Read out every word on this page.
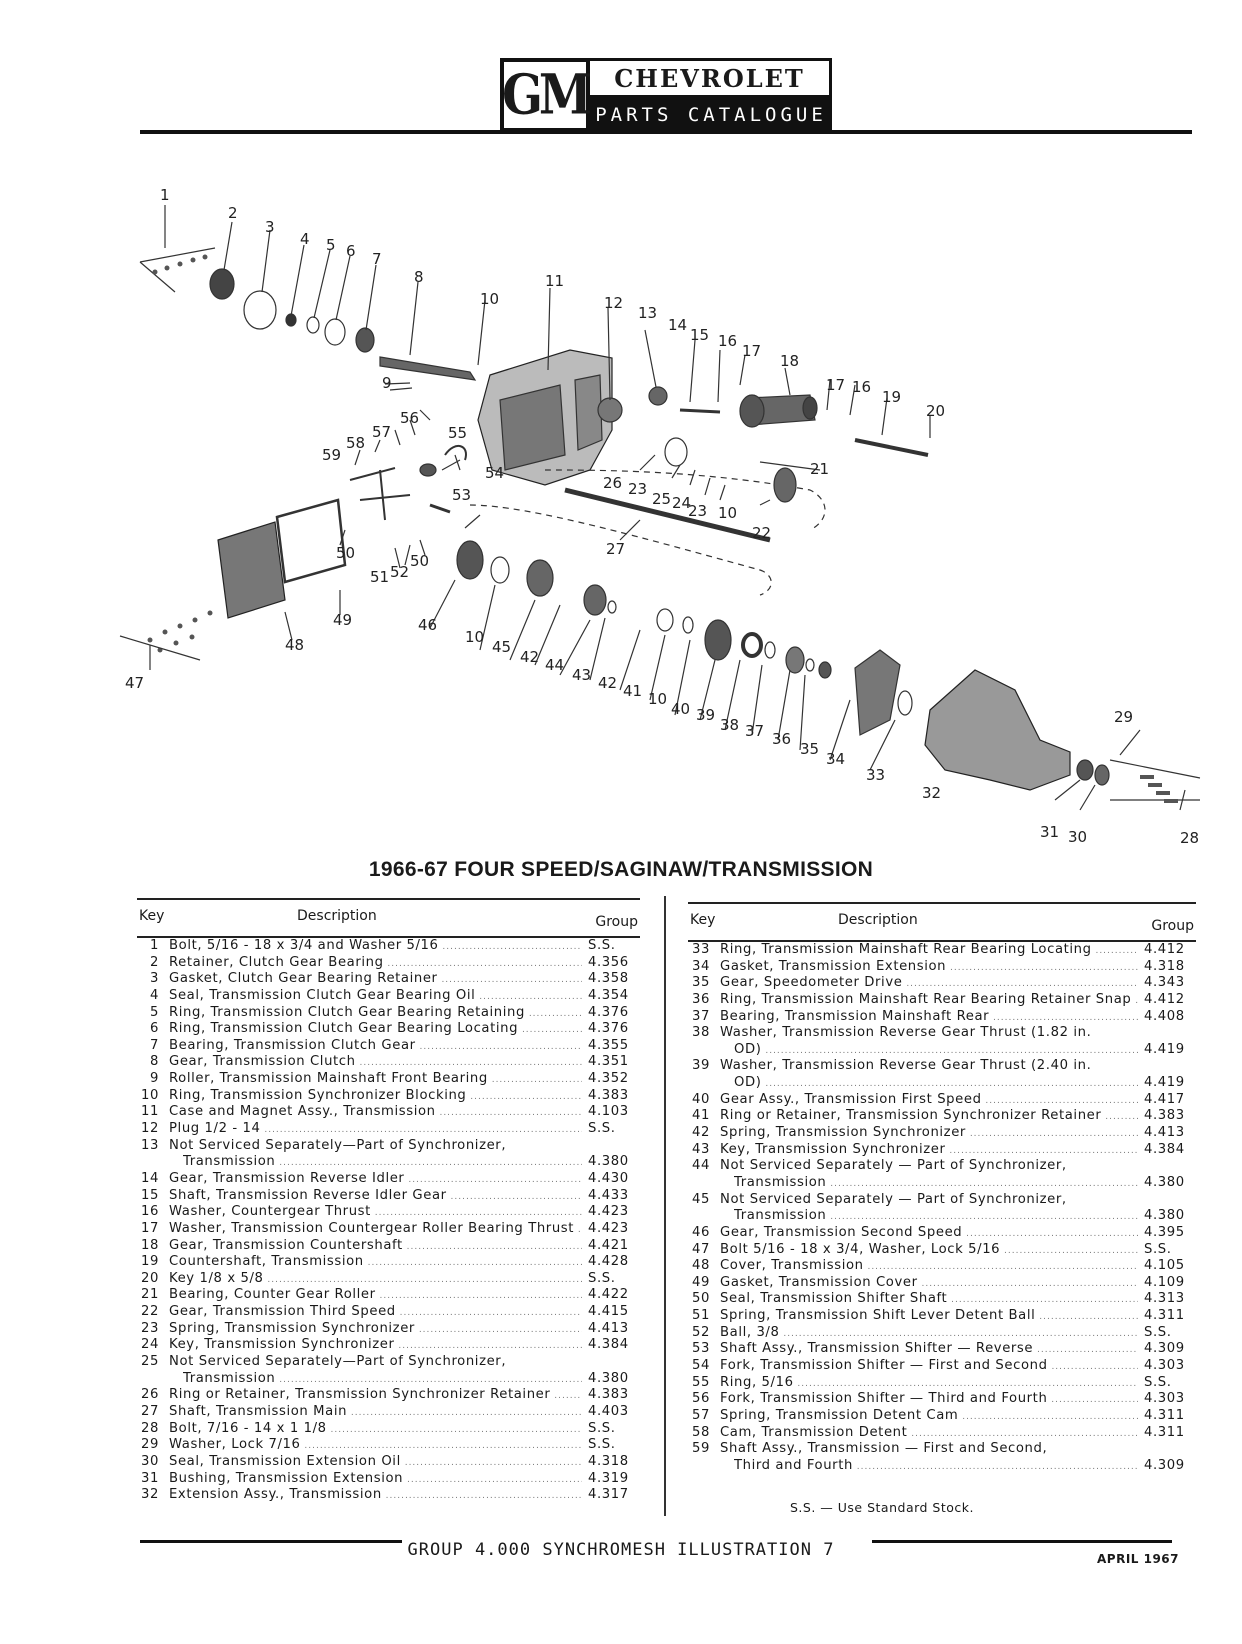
GM CHEVROLET
PARTS CATALOGUE
1
2
3
4 5 6 7
8
9
10
11
12
13
14
15 16
17
18
17 16
19
20
21
22
10
23
24
25
23
26
27
53
54
55
56
57
58
59
50
51 52
50
49
48
47
46
10
45
42 44
43 42 41 10
40 39
38 37 36
35
34
33
32
31 30
29
28
1966-67 FOUR SPEED/SAGINAW/TRANSMISSION
Key	Description	Group
1 Bolt, 5/16 - 18 x 3/4 and Washer 5/16 .....	S.S.
2 Retainer, Clutch Gear Bearing .....	4.356
3 Gasket, Clutch Gear Bearing Retainer .....	4.358
4 Seal, Transmission Clutch Gear Bearing Oil .....	4.354
5 Ring, Transmission Clutch Gear Bearing Retaining .....	4.376
6 Ring, Transmission Clutch Gear Bearing Locating .....	4.376
7 Bearing, Transmission Clutch Gear .....	4.355
8 Gear, Transmission Clutch .....	4.351
9 Roller, Transmission Mainshaft Front Bearing .....	4.352
10 Ring, Transmission Synchronizer Blocking .....	4.383
11 Case and Magnet Assy., Transmission .....	4.103
12 Plug 1/2 - 14 .....	S.S.
13 Not Serviced Separately—Part of Synchronizer,
Transmission .....	4.380
14 Gear, Transmission Reverse Idler .....	4.430
15 Shaft, Transmission Reverse Idler Gear .....	4.433
16 Washer, Countergear Thrust .....	4.423
17 Washer, Transmission Countergear Roller Bearing Thrust .....	4.423
18 Gear, Transmission Countershaft .....	4.421
19 Countershaft, Transmission .....	4.428
20 Key 1/8 x 5/8 .....	S.S.
21 Bearing, Counter Gear Roller .....	4.422
22 Gear, Transmission Third Speed .....	4.415
23 Spring, Transmission Synchronizer .....	4.413
24 Key, Transmission Synchronizer .....	4.384
25 Not Serviced Separately—Part of Synchronizer,
Transmission .....	4.380
26 Ring or Retainer, Transmission Synchronizer Retainer .....	4.383
27 Shaft, Transmission Main .....	4.403
28 Bolt, 7/16 - 14 x 1 1/8 .....	S.S.
29 Washer, Lock 7/16 .....	S.S.
30 Seal, Transmission Extension Oil .....	4.318
31 Bushing, Transmission Extension .....	4.319
32 Extension Assy., Transmission .....	4.317
Key	Description	Group
33 Ring, Transmission Mainshaft Rear Bearing Locating .....	4.412
34 Gasket, Transmission Extension .....	4.318
35 Gear, Speedometer Drive .....	4.343
36 Ring, Transmission Mainshaft Rear Bearing Retainer Snap ..... 4.412
37 Bearing, Transmission Mainshaft Rear .....	4.408
38 Washer, Transmission Reverse Gear Thrust (1.82 in.
OD) .....	4.419
39 Washer, Transmission Reverse Gear Thrust (2.40 in.
OD) .....	4.419
40 Gear Assy., Transmission First Speed .....	4.417
41 Ring or Retainer, Transmission Synchronizer Retainer .....	4.383
42 Spring, Transmission Synchronizer .....	4.413
43 Key, Transmission Synchronizer .....	4.384
44 Not Serviced Separately — Part of Synchronizer,
Transmission .....	4.380
45 Not Serviced Separately — Part of Synchronizer,
Transmission .....	4.380
46 Gear, Transmission Second Speed .....	4.395
47 Bolt 5/16 - 18 x 3/4, Washer, Lock 5/16 .....	S.S.
48 Cover, Transmission .....	4.105
49 Gasket, Transmission Cover .....	4.109
50 Seal, Transmission Shifter Shaft .....	4.313
51 Spring, Transmission Shift Lever Detent Ball .....	4.311
52 Ball, 3/8 .....	S.S.
53 Shaft Assy., Transmission Shifter — Reverse .....	4.309
54 Fork, Transmission Shifter — First and Second .....	4.303
55 Ring, 5/16 .....	S.S.
56 Fork, Transmission Shifter — Third and Fourth .....	4.303
57 Spring, Transmission Detent Cam .....	4.311
58 Cam, Transmission Detent .....	4.311
59 Shaft Assy., Transmission — First and Second,
Third and Fourth .....	4.309
S.S. — Use Standard Stock.
GROUP 4.000 SYNCHROMESH ILLUSTRATION 7	APRIL 1967
